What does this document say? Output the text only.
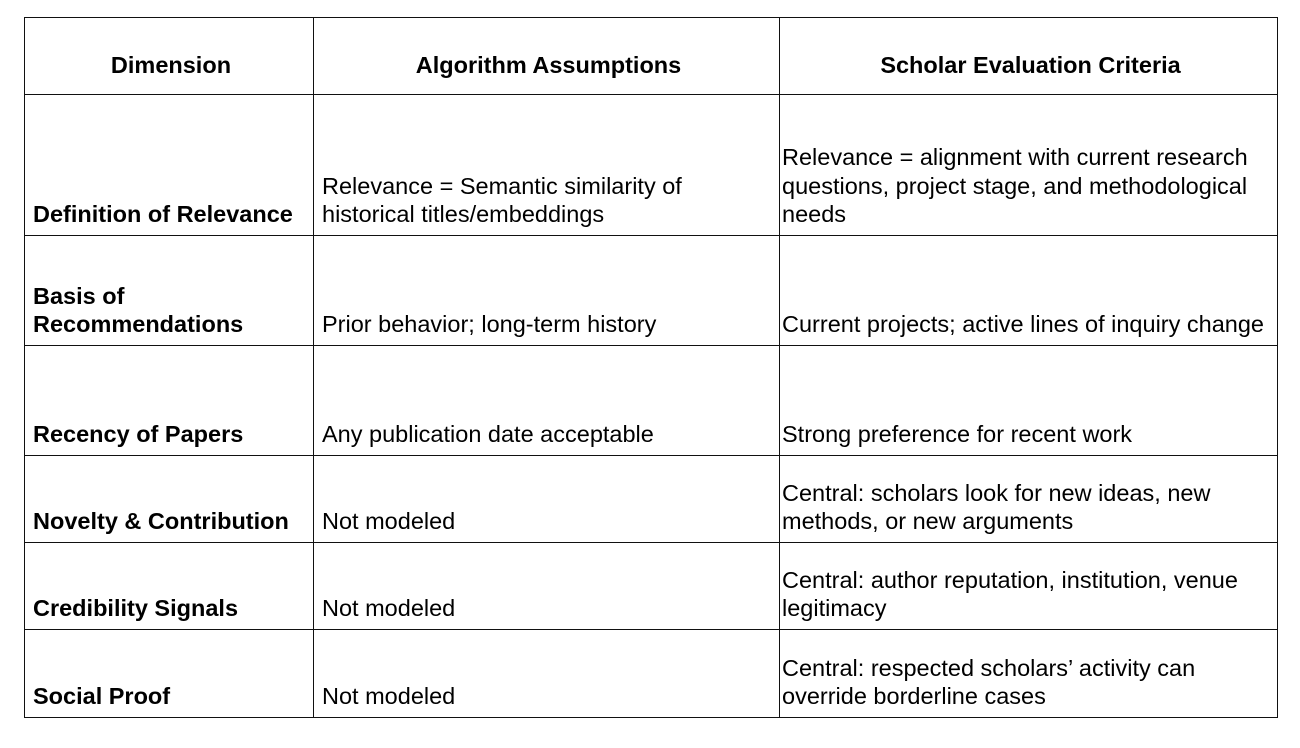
Dimension	Algorithm Assumptions	Scholar Evaluation Criteria
Definition of Relevance	Relevance = Semantic similarity of historical titles/embeddings	Relevance = alignment with current research questions, project stage, and methodological needs
Basis of Recommendations	Prior behavior; long-term history	Current projects; active lines of inquiry change
Recency of Papers	Any publication date acceptable	Strong preference for recent work
Novelty & Contribution	Not modeled	Central: scholars look for new ideas, new methods, or new arguments
Credibility Signals	Not modeled	Central: author reputation, institution, venue legitimacy
Social Proof	Not modeled	Central: respected scholars’ activity can override borderline cases
